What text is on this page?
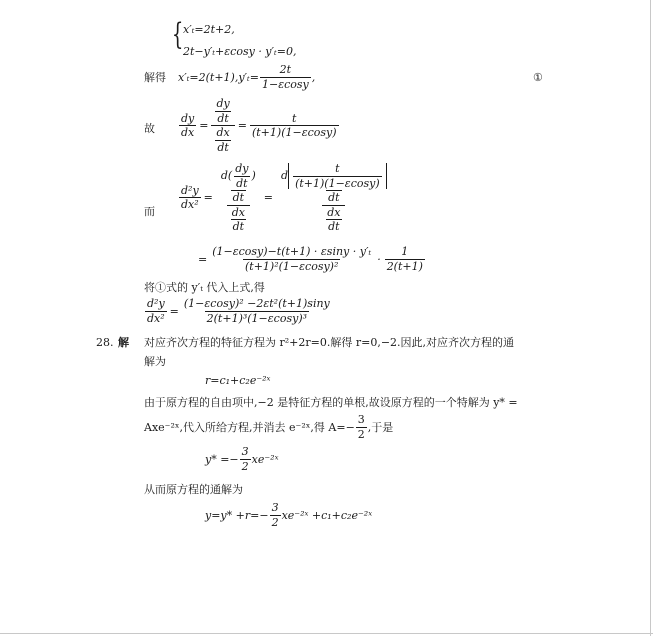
{ x′ₜ=2t+2,
2t−y′ₜ+εcosy · y′ₜ=0,
解得 $x'_t=2(t+1),y'_t= \frac{2t}{1-\varepsilon\cos y}$ ,	①
故 $\frac{dy}{dx} = \frac{\frac{dy}{dt}}{\frac{dx}{dt}} = \frac{t}{(t+1)(1-\varepsilon\cos y)}$
而
$\frac{\text{d²y}}{\text{dx²}}$ =
$d( \frac{dy}{dt}$ )
dt
$\frac{dx}{dt}$
=
d $\frac{t}{(t+1)(1-\varepsilon\cos y)}$
dt
$\frac{dx}{dt}$
= $\frac{\text{(1−εcosy)−t(t+1) · εsiny · y′ₜ}}{\text{(t+1)²(1−εcosy)²}} \cdot \frac{1}{2(t+1)}$
将①式的 y′ₜ 代入上式,得
$\frac{\text{d²y}}{\text{dx²}} = \frac{\text{(1−εcosy)² −2εt²(t+1)siny}}{\text{2(t+1)³(1−εcosy)³}}$
28. 解 对应齐次方程的特征方程为 r²+2r=0.解得 r=0,−2.因此,对应齐次方程的通
解为
r=c₁+c₂e⁻²ˣ
由于原方程的自由项中,−2 是特征方程的单根,故设原方程的一个特解为 y* =
Axe⁻²ˣ,代入所给方程,并消去 e⁻²ˣ,得 $A=- \frac{3}{2}$ ,于是
$y* =- \frac{3}{2}$ xe⁻²ˣ
从而原方程的通解为
$y=y* +r=- \frac{3}{2}$ xe⁻²ˣ +c₁+c₂e⁻²ˣ
